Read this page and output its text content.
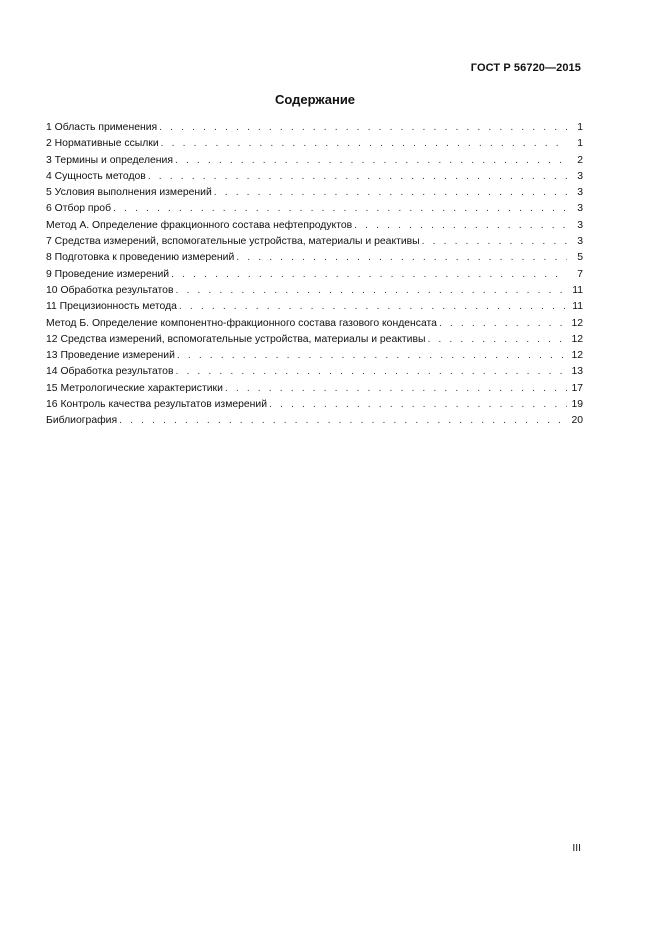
ГОСТ Р 56720—2015
Содержание
1 Область применения . . .	1
2 Нормативные ссылки . . .	1
3 Термины и определения . . .	2
4 Сущность методов . . .	3
5 Условия выполнения измерений . . .	3
6 Отбор проб . . .	3
Метод А. Определение фракционного состава нефтепродуктов . . .	3
7 Средства измерений, вспомогательные устройства, материалы и реактивы . . .	3
8 Подготовка к проведению измерений . . .	5
9 Проведение измерений . . .	7
10 Обработка результатов . . .	11
11 Прецизионность метода . . .	11
Метод Б. Определение компонентно-фракционного состава газового конденсата . . .	12
12 Средства измерений, вспомогательные устройства, материалы и реактивы . . .	12
13 Проведение измерений . . .	12
14 Обработка результатов . . .	13
15 Метрологические характеристики . . .	17
16 Контроль качества результатов измерений . . .	19
Библиография . . .	20
III
